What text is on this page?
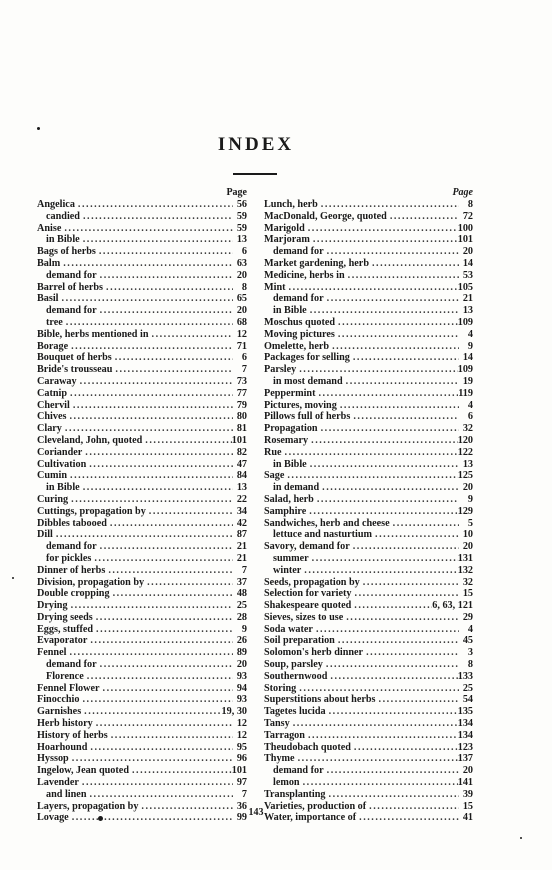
INDEX
Page
Angelica .....	56
candied .....	59
Anise .....	59
in Bible .....	13
Bags of herbs .....	6
Balm .....	63
demand for .....	20
Barrel of herbs .....	8
Basil .....	65
demand for .....	20
tree .....	68
Bible, herbs mentioned in .....	12
Borage .....	71
Bouquet of herbs .....	6
Bride's trousseau .....	7
Caraway .....	73
Catnip .....	77
Chervil .....	79
Chives .....	80
Clary .....	81
Cleveland, John, quoted .....	101
Coriander .....	82
Cultivation .....	47
Cumin .....	84
in Bible .....	13
Curing .....	22
Cuttings, propagation by .....	34
Dibbles tabooed .....	42
Dill .....	87
demand for .....	21
for pickles .....	21
Dinner of herbs .....	7
Division, propagation by .....	37
Double cropping .....	48
Drying .....	25
Drying seeds .....	28
Eggs, stuffed .....	9
Evaporator .....	26
Fennel .....	89
demand for .....	20
Florence .....	93
Fennel Flower .....	94
Finocchio .....	93
Garnishes .....	19, 30
Herb history .....	12
History of herbs .....	12
Hoarhound .....	95
Hyssop .....	96
Ingelow, Jean quoted .....	101
Lavender .....	97
and linen .....	7
Layers, propagation by .....	36
Lovage .....	99
Page
Lunch, herb .....	8
MacDonald, George, quoted .....	72
Marigold .....	100
Marjoram .....	101
demand for .....	20
Market gardening, herb .....	14
Medicine, herbs in .....	53
Mint .....	105
demand for .....	21
in Bible .....	13
Moschus quoted .....	109
Moving pictures .....	4
Omelette, herb .....	9
Packages for selling .....	14
Parsley .....	109
in most demand .....	19
Peppermint .....	119
Pictures, moving .....	4
Pillows full of herbs .....	6
Propagation .....	32
Rosemary .....	120
Rue .....	122
in Bible .....	13
Sage .....	125
in demand .....	20
Salad, herb .....	9
Samphire .....	129
Sandwiches, herb and cheese .....	5
lettuce and nasturtium .....	10
Savory, demand for .....	20
summer .....	131
winter .....	132
Seeds, propagation by .....	32
Selection for variety .....	15
Shakespeare quoted .....	6, 63, 121
Sieves, sizes to use .....	29
Soda water .....	4
Soil preparation .....	45
Solomon's herb dinner .....	3
Soup, parsley .....	8
Southernwood .....	133
Storing .....	25
Superstitions about herbs .....	54
Tagetes lucida .....	135
Tansy .....	134
Tarragon .....	134
Theudobach quoted .....	123
Thyme .....	137
demand for .....	20
lemon .....	141
Transplanting .....	39
Varieties, production of .....	15
Water, importance of .....	41
143
